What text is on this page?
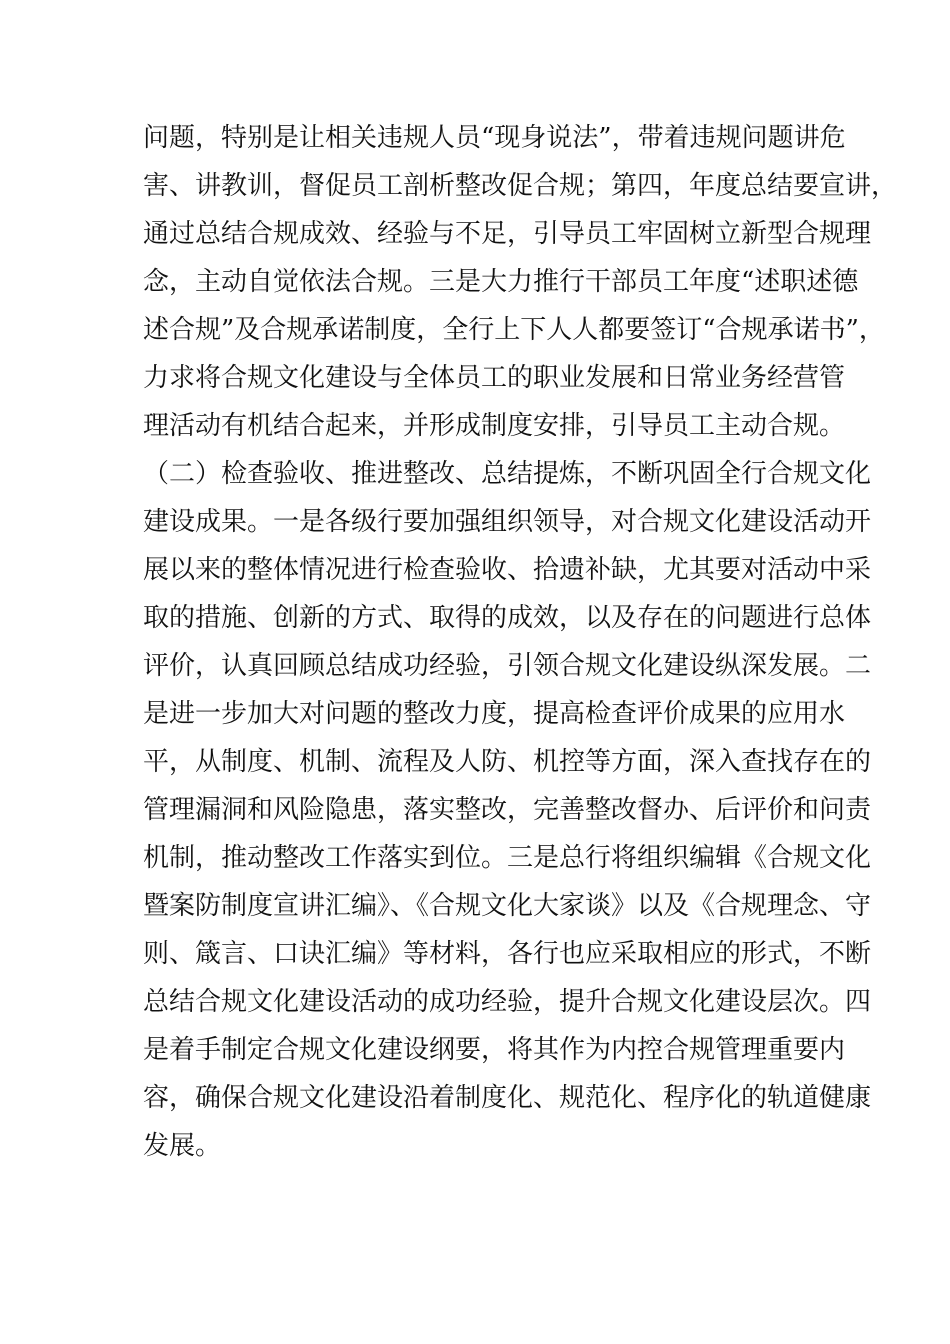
问题，特别是让相关违规人员“现身说法”，带着违规问题讲危
害、讲教训，督促员工剖析整改促合规；第四，年度总结要宣讲，
通过总结合规成效、经验与不足，引导员工牢固树立新型合规理
念，主动自觉依法合规。三是大力推行干部员工年度“述职述德
述合规”及合规承诺制度，全行上下人人都要签订“合规承诺书”，
力求将合规文化建设与全体员工的职业发展和日常业务经营管
理活动有机结合起来，并形成制度安排，引导员工主动合规。
（二）检查验收、推进整改、总结提炼，不断巩固全行合规文化
建设成果。一是各级行要加强组织领导，对合规文化建设活动开
展以来的整体情况进行检查验收、拾遗补缺，尤其要对活动中采
取的措施、创新的方式、取得的成效，以及存在的问题进行总体
评价，认真回顾总结成功经验，引领合规文化建设纵深发展。二
是进一步加大对问题的整改力度，提高检查评价成果的应用水
平，从制度、机制、流程及人防、机控等方面，深入查找存在的
管理漏洞和风险隐患，落实整改，完善整改督办、后评价和问责
机制，推动整改工作落实到位。三是总行将组织编辑《合规文化
暨案防制度宣讲汇编》、《合规文化大家谈》以及《合规理念、守
则、箴言、口诀汇编》等材料，各行也应采取相应的形式，不断
总结合规文化建设活动的成功经验，提升合规文化建设层次。四
是着手制定合规文化建设纲要，将其作为内控合规管理重要内
容，确保合规文化建设沿着制度化、规范化、程序化的轨道健康
发展。
